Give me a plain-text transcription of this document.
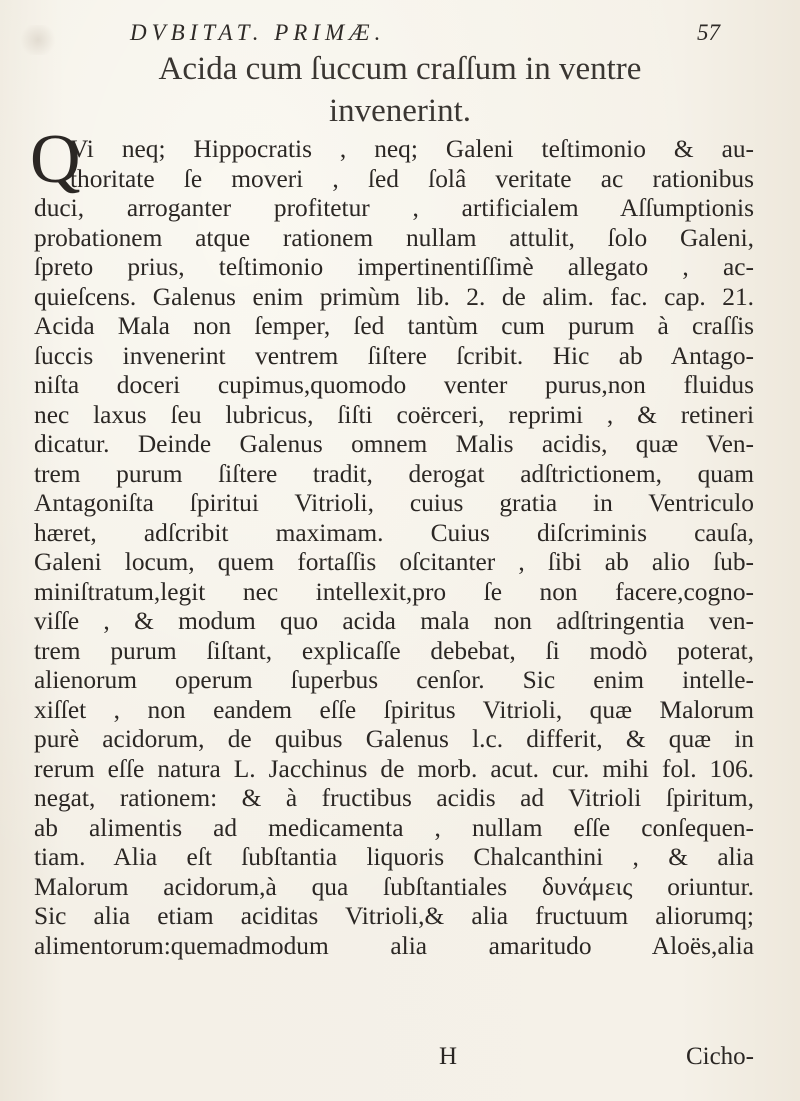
DVBITAT. PRIMÆ.	57
Acida cum ſuccum craſſum in ventre
invenerint.
Q
Vi neq; Hippocratis , neq; Galeni teſtimonio & au-
thoritate ſe moveri , ſed ſolâ veritate ac rationibus
duci, arroganter profitetur , artificialem Aſſumptionis
probationem atque rationem nullam attulit, ſolo Galeni,
ſpreto prius, teſtimonio impertinentiſſimè allegato , ac-
quieſcens. Galenus enim primùm lib. 2. de alim. fac. cap. 21.
Acida Mala non ſemper, ſed tantùm cum purum à craſſis
ſuccis invenerint ventrem ſiſtere ſcribit. Hic ab Antago-
niſta doceri cupimus,quomodo venter purus,non fluidus
nec laxus ſeu lubricus, ſiſti coërceri, reprimi , & retineri
dicatur. Deinde Galenus omnem Malis acidis, quæ Ven-
trem purum ſiſtere tradit, derogat adſtrictionem, quam
Antagoniſta ſpiritui Vitrioli, cuius gratia in Ventriculo
hæret, adſcribit maximam. Cuius diſcriminis cauſa,
Galeni locum, quem fortaſſis oſcitanter , ſibi ab alio ſub-
miniſtratum,legit nec intellexit,pro ſe non facere,cogno-
viſſe , & modum quo acida mala non adſtringentia ven-
trem purum ſiſtant, explicaſſe debebat, ſi modò poterat,
alienorum operum ſuperbus cenſor. Sic enim intelle-
xiſſet , non eandem eſſe ſpiritus Vitrioli, quæ Malorum
purè acidorum, de quibus Galenus l.c. differit, & quæ in
rerum eſſe natura L. Jacchinus de morb. acut. cur. mihi fol. 106.
negat, rationem: & à fructibus acidis ad Vitrioli ſpiritum,
ab alimentis ad medicamenta , nullam eſſe conſequen-
tiam. Alia eſt ſubſtantia liquoris Chalcanthini , & alia
Malorum acidorum,à qua ſubſtantiales δυνάμεις oriuntur.
Sic alia etiam aciditas Vitrioli,& alia fructuum aliorumq;
alimentorum:quemadmodum alia amaritudo Aloës,alia
H	Cicho-
